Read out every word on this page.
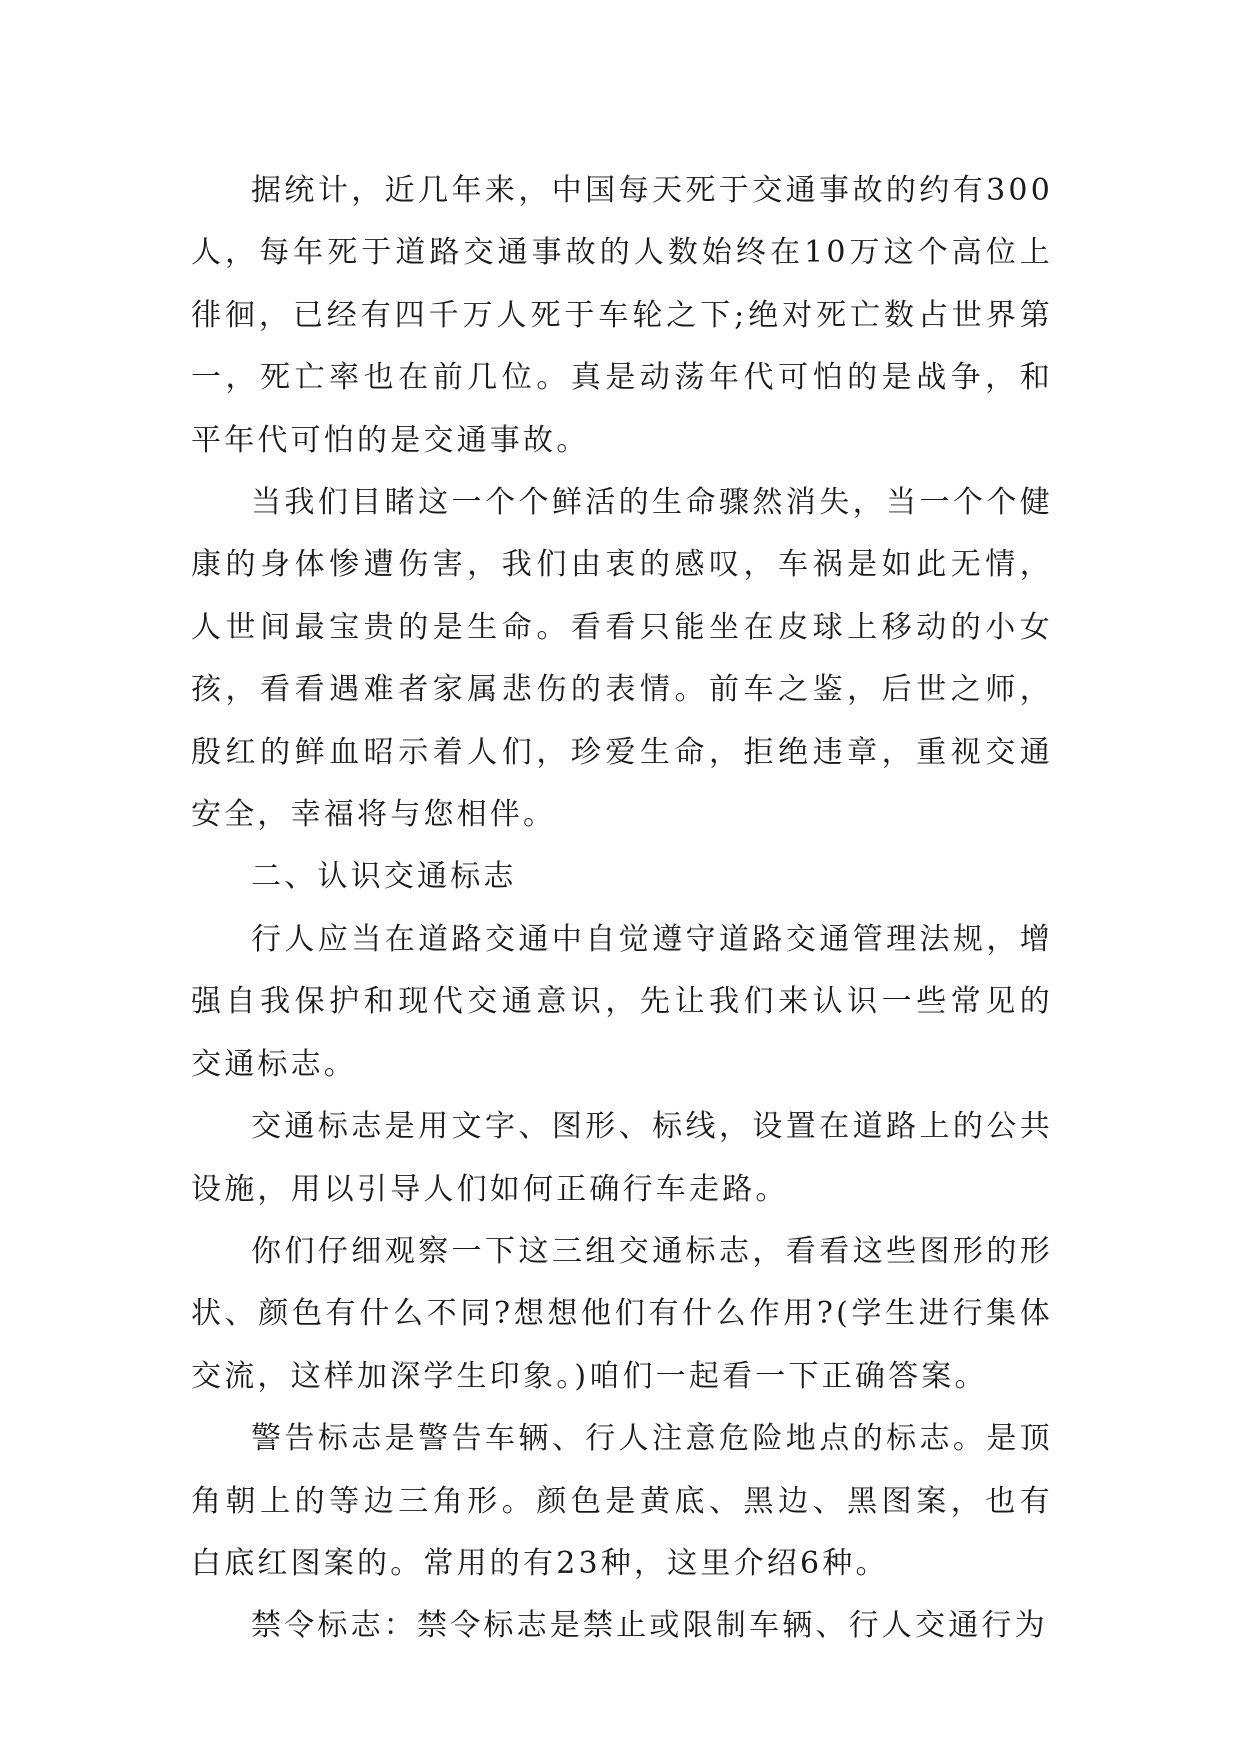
据统计，近几年来，中国每天死于交通事故的约有300人，每年死于道路交通事故的人数始终在10万这个高位上徘徊，已经有四千万人死于车轮之下;绝对死亡数占世界第一，死亡率也在前几位。真是动荡年代可怕的是战争，和平年代可怕的是交通事故。

当我们目睹这一个个鲜活的生命骤然消失，当一个个健康的身体惨遭伤害，我们由衷的感叹，车祸是如此无情，人世间最宝贵的是生命。看看只能坐在皮球上移动的小女孩，看看遇难者家属悲伤的表情。前车之鉴，后世之师，殷红的鲜血昭示着人们，珍爱生命，拒绝违章，重视交通安全，幸福将与您相伴。

二、认识交通标志

行人应当在道路交通中自觉遵守道路交通管理法规，增强自我保护和现代交通意识，先让我们来认识一些常见的交通标志。

交通标志是用文字、图形、标线，设置在道路上的公共设施，用以引导人们如何正确行车走路。

你们仔细观察一下这三组交通标志，看看这些图形的形状、颜色有什么不同?想想他们有什么作用?(学生进行集体交流，这样加深学生印象。)咱们一起看一下正确答案。

警告标志是警告车辆、行人注意危险地点的标志。是顶角朝上的等边三角形。颜色是黄底、黑边、黑图案，也有白底红图案的。常用的有23种，这里介绍6种。

禁令标志：禁令标志是禁止或限制车辆、行人交通行为
